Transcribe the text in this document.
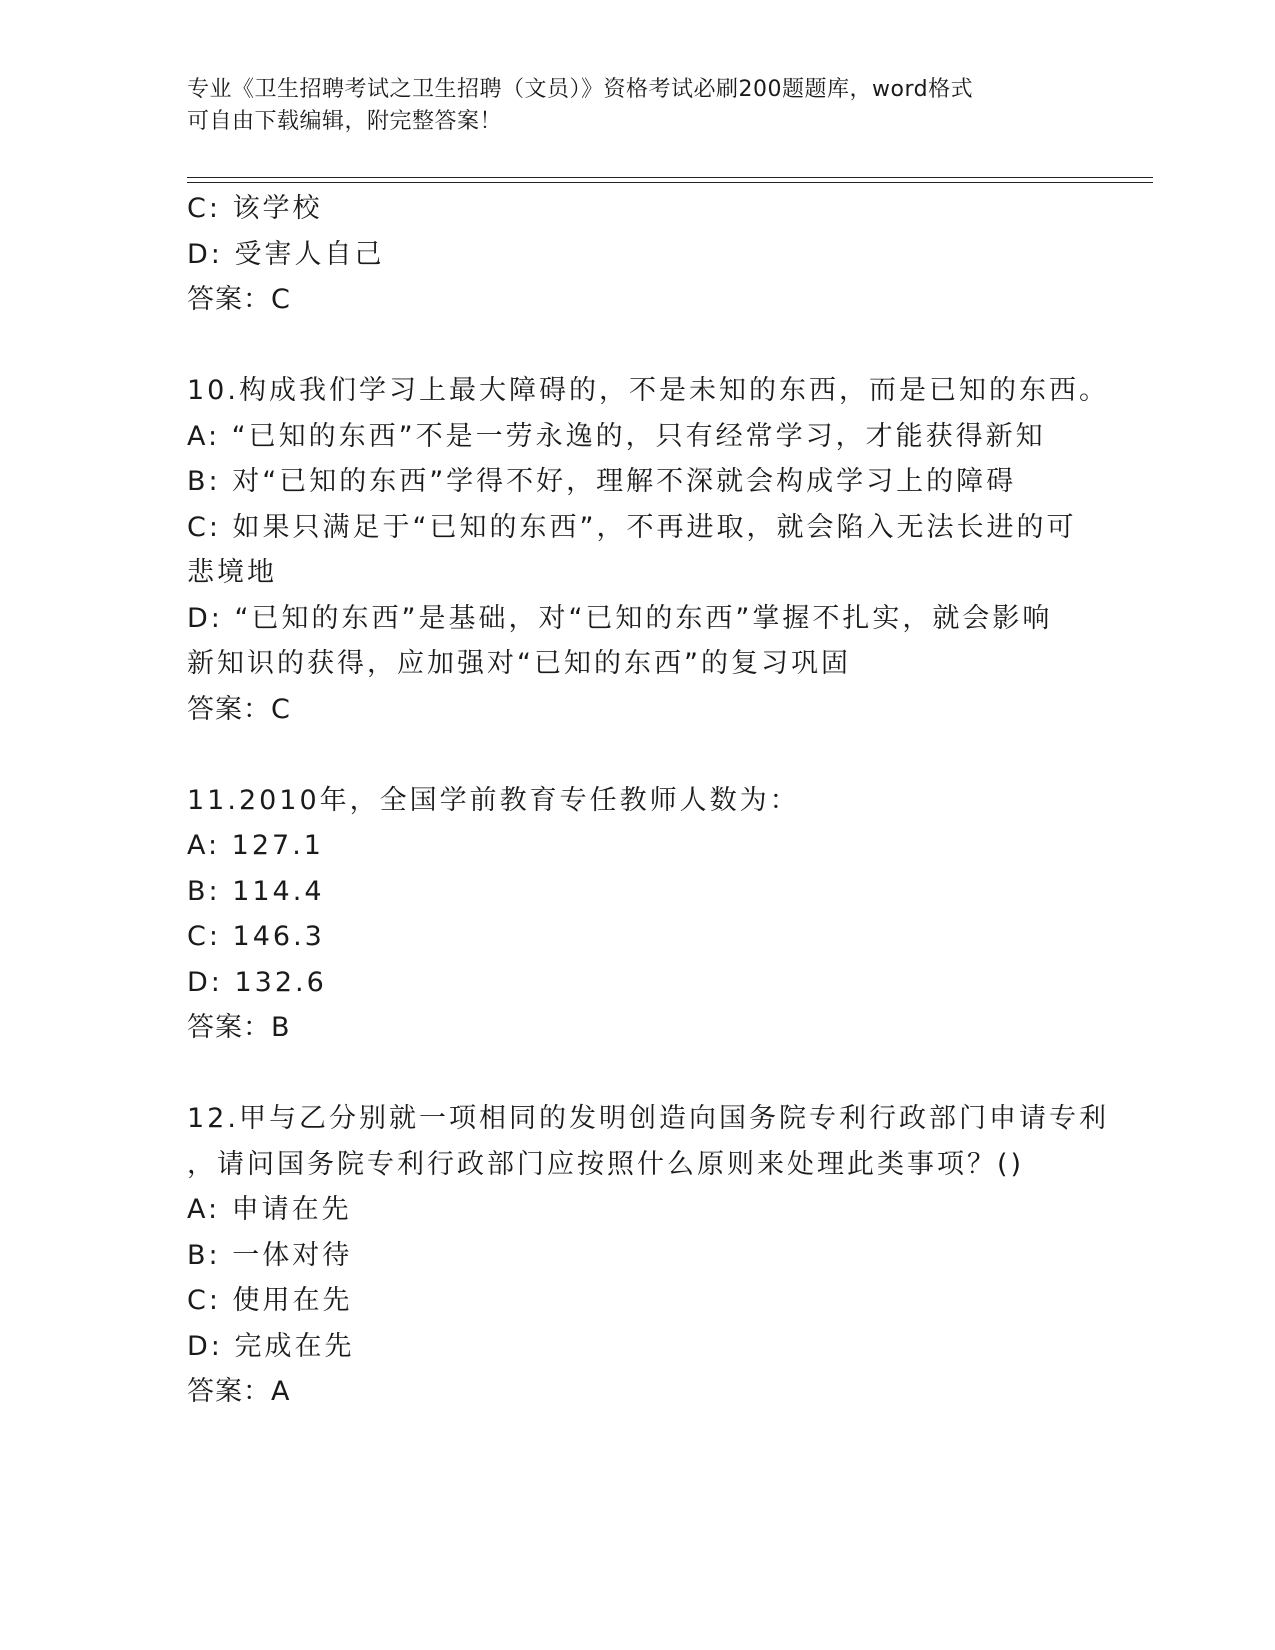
专业《卫生招聘考试之卫生招聘（文员）》资格考试必刷200题题库，word格式
可自由下载编辑，附完整答案！
C: 该学校
D: 受害人自己
答案：C
10.构成我们学习上最大障碍的，不是未知的东西，而是已知的东西。
A: “已知的东西”不是一劳永逸的，只有经常学习，才能获得新知
B: 对“已知的东西”学得不好，理解不深就会构成学习上的障碍
C: 如果只满足于“已知的东西”，不再进取，就会陷入无法长进的可
悲境地
D: “已知的东西”是基础，对“已知的东西”掌握不扎实，就会影响
新知识的获得，应加强对“已知的东西”的复习巩固
答案：C
11.2010年，全国学前教育专任教师人数为：
A: 127.1
B: 114.4
C: 146.3
D: 132.6
答案：B
12.甲与乙分别就一项相同的发明创造向国务院专利行政部门申请专利
，请问国务院专利行政部门应按照什么原则来处理此类事项？()
A: 申请在先
B: 一体对待
C: 使用在先
D: 完成在先
答案：A
